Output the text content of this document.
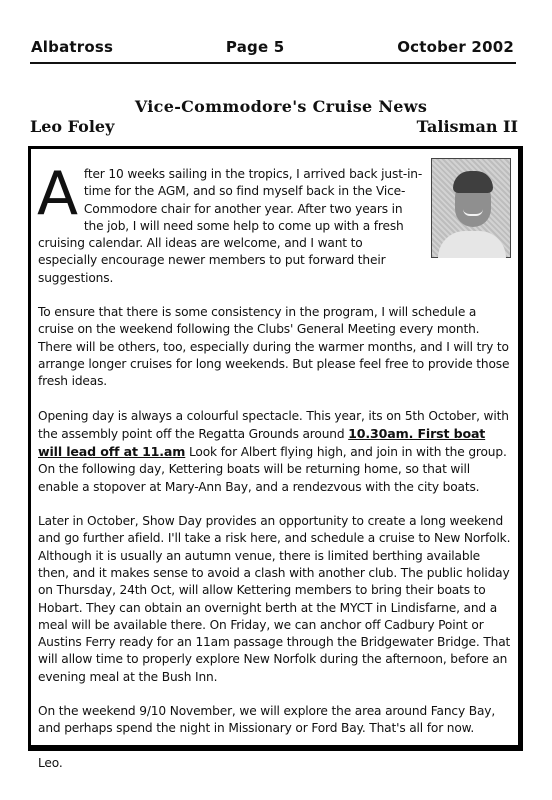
Albatross	Page 5	October 2002
Vice-Commodore's Cruise News
Leo Foley	Talisman II

After 10 weeks sailing in the tropics, I arrived back just-in-time for the AGM, and so find myself back in the Vice-Commodore chair for another year. After two years in the job, I will need some help to come up with a fresh cruising calendar. All ideas are welcome, and I want to especially encourage newer members to put forward their suggestions.

To ensure that there is some consistency in the program, I will schedule a cruise on the weekend following the Clubs' General Meeting every month. There will be others, too, especially during the warmer months, and I will try to arrange longer cruises for long weekends. But please feel free to provide those fresh ideas.

Opening day is always a colourful spectacle. This year, its on 5th October, with the assembly point off the Regatta Grounds around 10.30am. First boat will lead off at 11.am Look for Albert flying high, and join in with the group. On the following day, Kettering boats will be returning home, so that will enable a stopover at Mary-Ann Bay, and a rendezvous with the city boats.

Later in October, Show Day provides an opportunity to create a long weekend and go further afield. I'll take a risk here, and schedule a cruise to New Norfolk. Although it is usually an autumn venue, there is limited berthing available then, and it makes sense to avoid a clash with another club. The public holiday on Thursday, 24th Oct, will allow Kettering members to bring their boats to Hobart. They can obtain an overnight berth at the MYCT in Lindisfarne, and a meal will be available there. On Friday, we can anchor off Cadbury Point or Austins Ferry ready for an 11am passage through the Bridgewater Bridge. That will allow time to properly explore New Norfolk during the afternoon, before an evening meal at the Bush Inn.

On the weekend 9/10 November, we will explore the area around Fancy Bay, and perhaps spend the night in Missionary or Ford Bay. That's all for now.

Leo.
